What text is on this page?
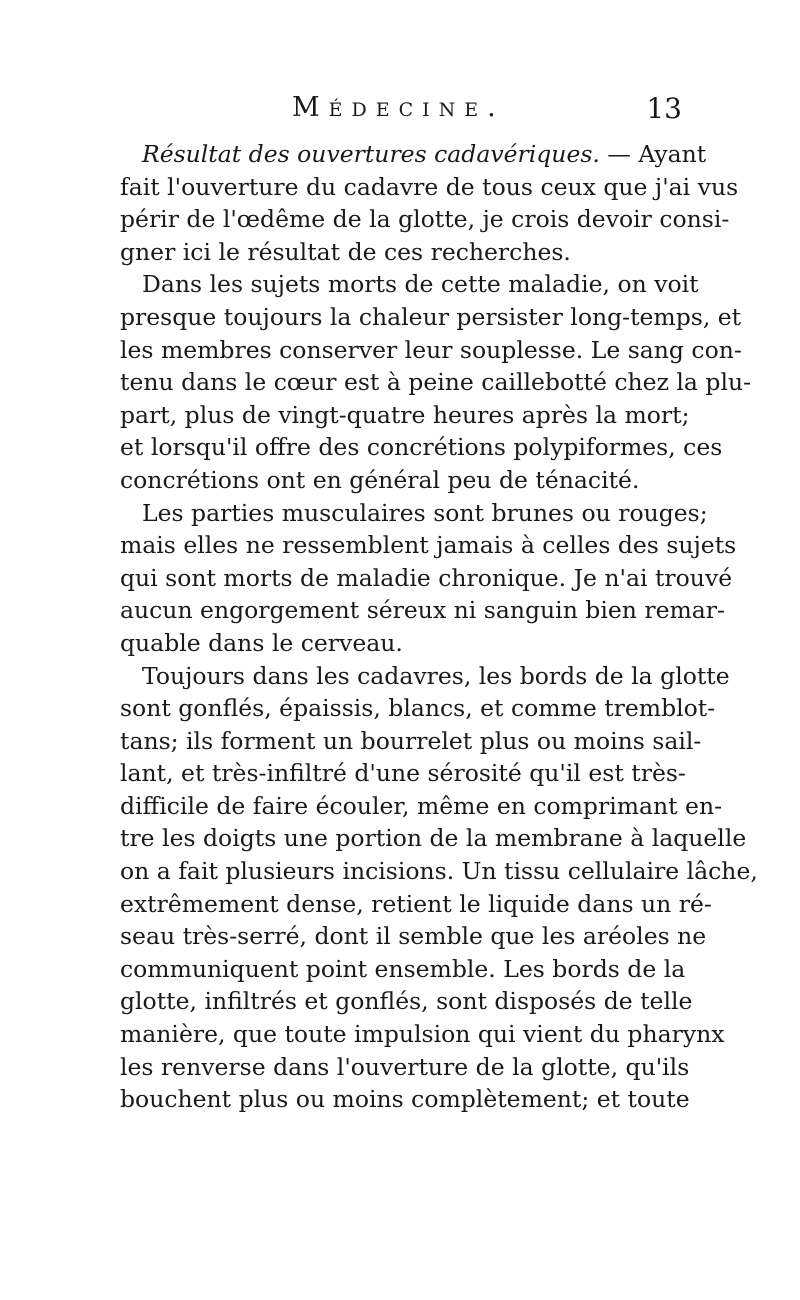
Médecine.	13
Résultat des ouvertures cadavériques. — Ayant
fait l'ouverture du cadavre de tous ceux que j'ai vus
périr de l'œdême de la glotte, je crois devoir consi-
gner ici le résultat de ces recherches.
Dans les sujets morts de cette maladie, on voit
presque toujours la chaleur persister long-temps, et
les membres conserver leur souplesse. Le sang con-
tenu dans le cœur est à peine caillebotté chez la plu-
part, plus de vingt-quatre heures après la mort;
et lorsqu'il offre des concrétions polypiformes, ces
concrétions ont en général peu de ténacité.
Les parties musculaires sont brunes ou rouges;
mais elles ne ressemblent jamais à celles des sujets
qui sont morts de maladie chronique. Je n'ai trouvé
aucun engorgement séreux ni sanguin bien remar-
quable dans le cerveau.
Toujours dans les cadavres, les bords de la glotte
sont gonflés, épaissis, blancs, et comme tremblot-
tans; ils forment un bourrelet plus ou moins sail-
lant, et très-infiltré d'une sérosité qu'il est très-
difficile de faire écouler, même en comprimant en-
tre les doigts une portion de la membrane à laquelle
on a fait plusieurs incisions. Un tissu cellulaire lâche,
extrêmement dense, retient le liquide dans un ré-
seau très-serré, dont il semble que les aréoles ne
communiquent point ensemble. Les bords de la
glotte, infiltrés et gonflés, sont disposés de telle
manière, que toute impulsion qui vient du pharynx
les renverse dans l'ouverture de la glotte, qu'ils
bouchent plus ou moins complètement; et toute
